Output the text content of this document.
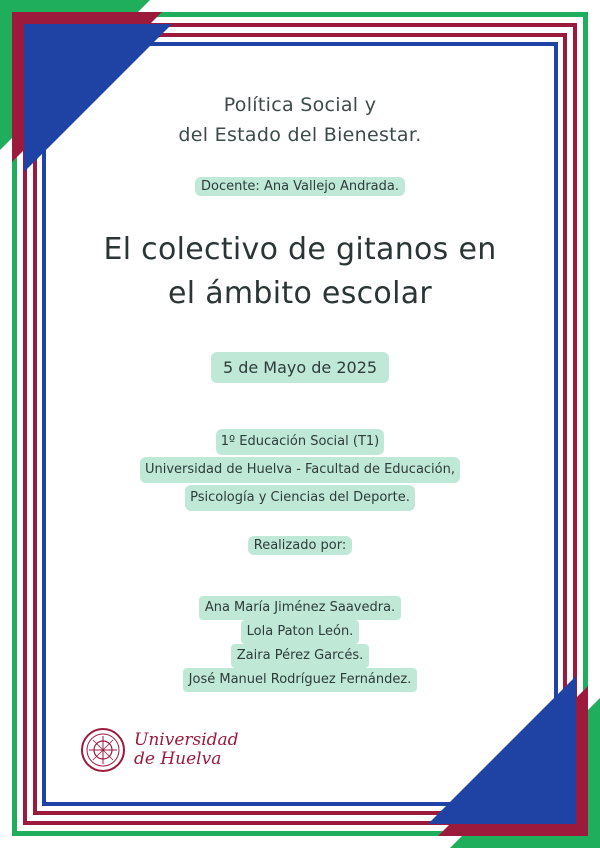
Política Social y
del Estado del Bienestar.
Docente: Ana Vallejo Andrada.
El colectivo de gitanos en
el ámbito escolar
5 de Mayo de 2025
1º Educación Social (T1)
Universidad de Huelva - Facultad de Educación,
Psicología y Ciencias del Deporte.
Realizado por:
Ana María Jiménez Saavedra.
Lola Paton León.
Zaira Pérez Garcés.
José Manuel Rodríguez Fernández.
Universidad
de Huelva
